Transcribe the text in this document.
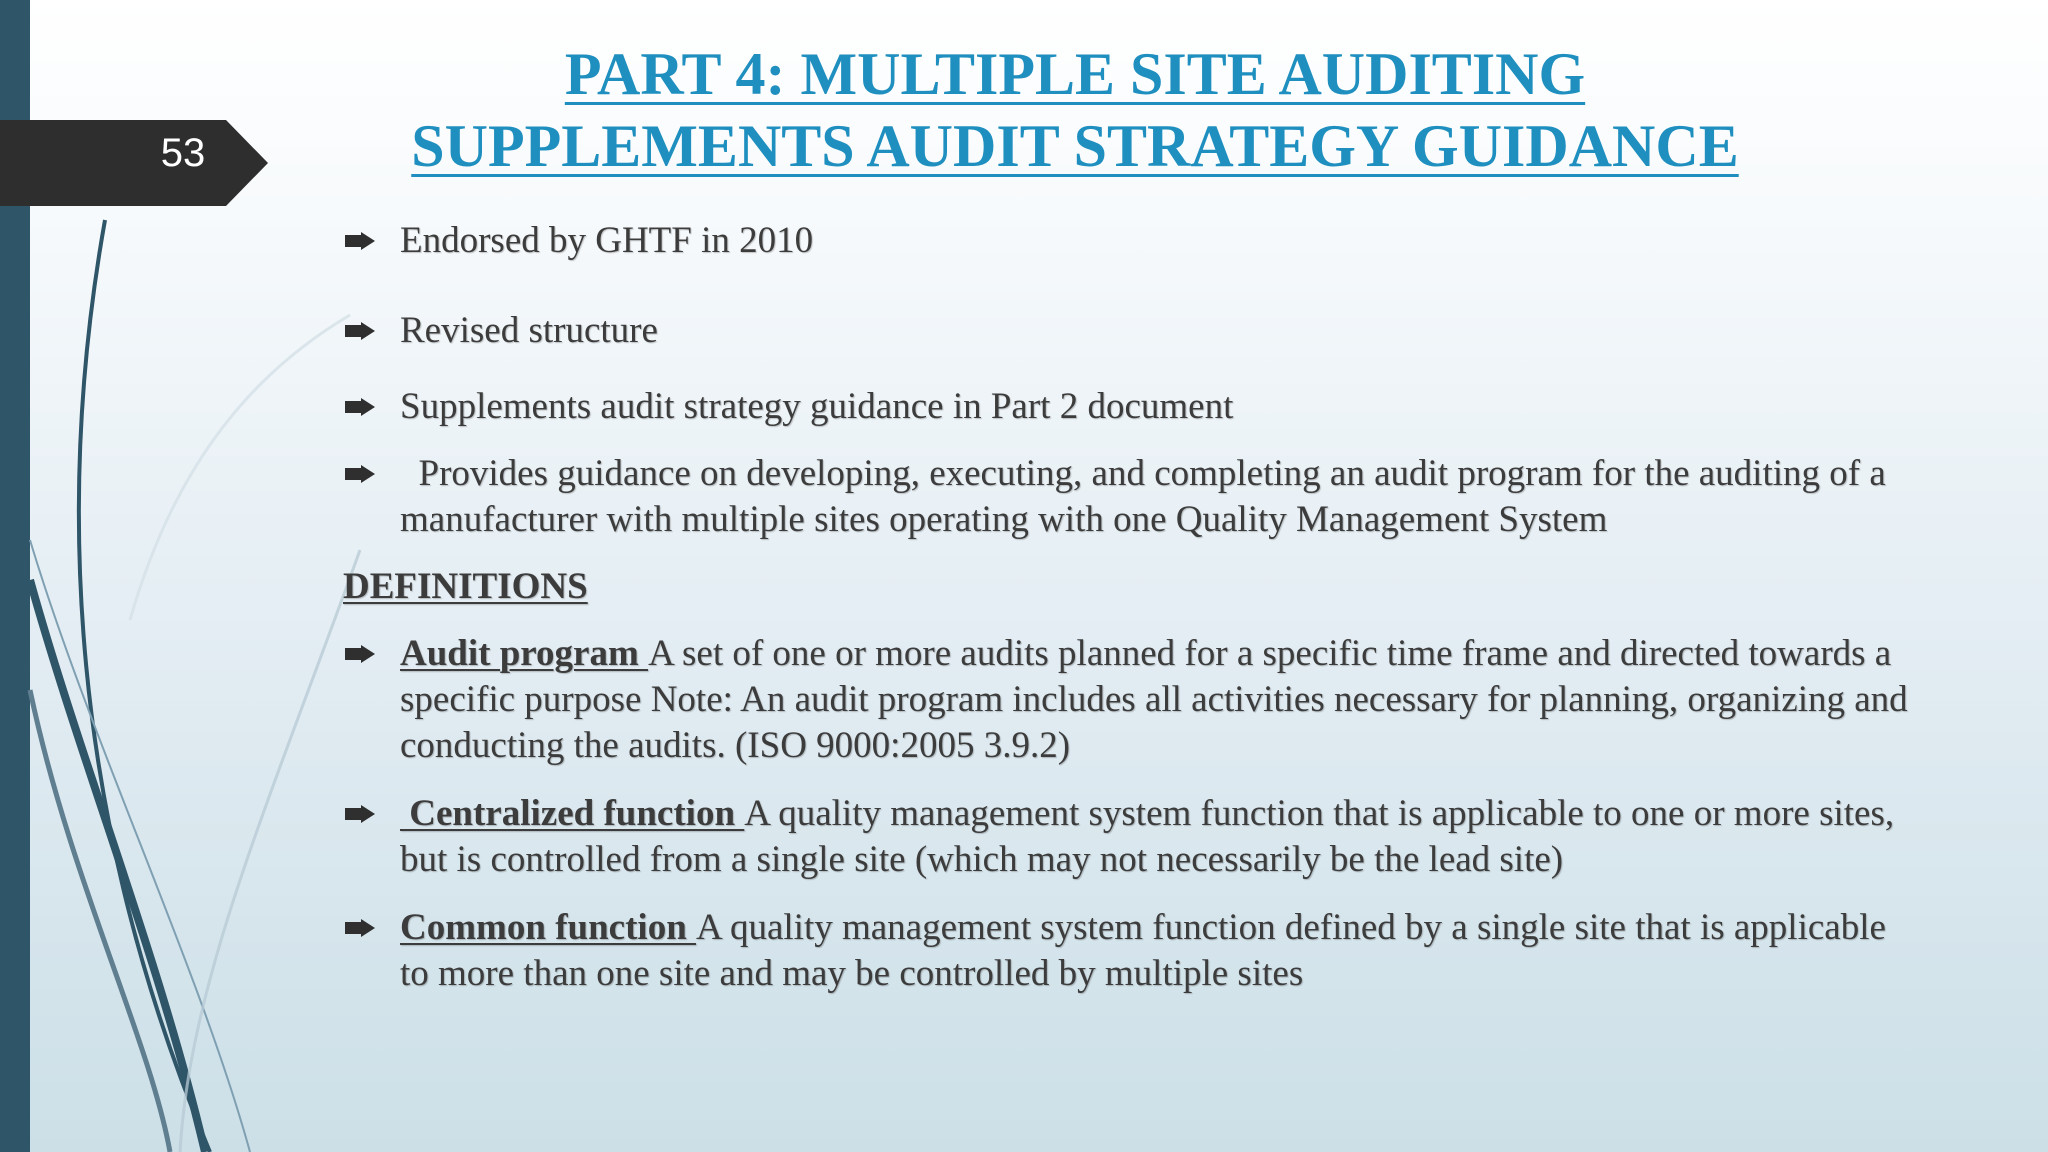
53
PART 4: MULTIPLE SITE AUDITING
SUPPLEMENTS AUDIT STRATEGY GUIDANCE

Endorsed by GHTF in 2010

Revised structure

Supplements audit strategy guidance in Part 2 document

Provides guidance on developing, executing, and completing an audit program for the auditing of a manufacturer with multiple sites operating with one Quality Management System

DEFINITIONS

Audit program A set of one or more audits planned for a specific time frame and directed towards a specific purpose Note: An audit program includes all activities necessary for planning, organizing and conducting the audits. (ISO 9000:2005 3.9.2)

Centralized function A quality management system function that is applicable to one or more sites, but is controlled from a single site (which may not necessarily be the lead site)

Common function A quality management system function defined by a single site that is applicable to more than one site and may be controlled by multiple sites
